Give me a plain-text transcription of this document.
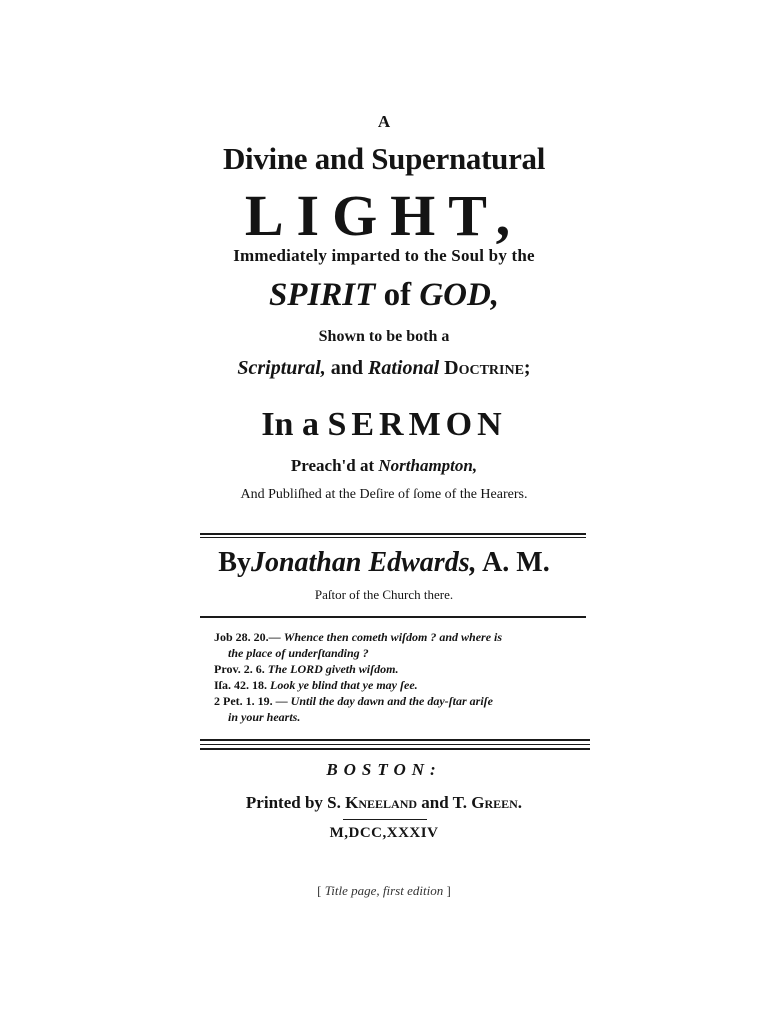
A
Divine and Supernatural
LIGHT,
Immediately imparted to the Soul by the
SPIRIT of GOD,
Shown to be both a
Scriptural, and Rational Doctrine;
In a SERMON
Preach'd at Northampton,
And Publiſhed at the Deſire of ſome of the Hearers.
ByJonathan Edwards, A. M.
Paſtor of the Church there.
Job 28. 20.— Whence then cometh wiſdom ? and where is
the place of underſtanding ?
Prov. 2. 6. The LORD giveth wiſdom.
Iſa. 42. 18. Look ye blind that ye may ſee.
2 Pet. 1. 19. — Until the day dawn and the day-ſtar ariſe
in your hearts.
BOSTON:
Printed by S. Kneeland and T. Green.
M,DCC,XXXIV
[ Title page, first edition ]
